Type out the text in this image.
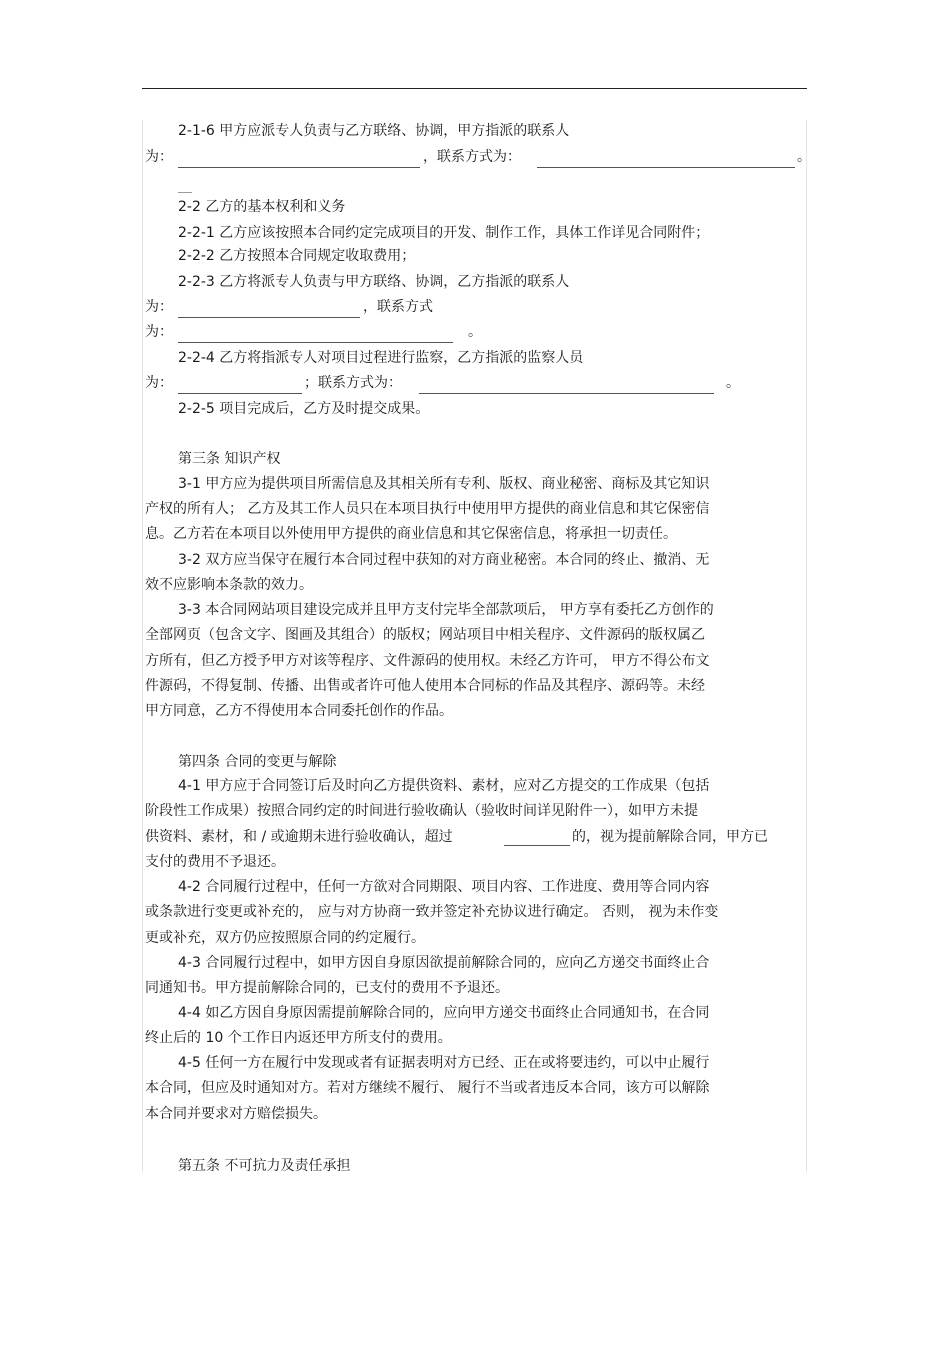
2-1-6 甲方应派专人负责与乙方联络、协调，甲方指派的联系人
为：	，联系方式为：	。
2-2 乙方的基本权利和义务
2-2-1 乙方应该按照本合同约定完成项目的开发、制作工作，具体工作详见合同附件；
2-2-2 乙方按照本合同规定收取费用；
2-2-3 乙方将派专人负责与甲方联络、协调，乙方指派的联系人
为：	，联系方式
为：	。
2-2-4 乙方将指派专人对项目过程进行监察，乙方指派的监察人员
为：	；联系方式为：	。
2-2-5 项目完成后，乙方及时提交成果。
第三条 知识产权
3-1 甲方应为提供项目所需信息及其相关所有专利、版权、商业秘密、商标及其它知识
产权的所有人； 乙方及其工作人员只在本项目执行中使用甲方提供的商业信息和其它保密信
息。乙方若在本项目以外使用甲方提供的商业信息和其它保密信息，将承担一切责任。
3-2 双方应当保守在履行本合同过程中获知的对方商业秘密。本合同的终止、撤消、无
效不应影响本条款的效力。
3-3 本合同网站项目建设完成并且甲方支付完毕全部款项后， 甲方享有委托乙方创作的
全部网页（包含文字、图画及其组合）的版权；网站项目中相关程序、文件源码的版权属乙
方所有，但乙方授予甲方对该等程序、文件源码的使用权。未经乙方许可， 甲方不得公布文
件源码，不得复制、传播、出售或者许可他人使用本合同标的作品及其程序、源码等。未经
甲方同意，乙方不得使用本合同委托创作的作品。
第四条 合同的变更与解除
4-1 甲方应于合同签订后及时向乙方提供资料、素材，应对乙方提交的工作成果（包括
阶段性工作成果）按照合同约定的时间进行验收确认（验收时间详见附件一），如甲方未提
供资料、素材，和 / 或逾期未进行验收确认，超过	的，视为提前解除合同，甲方已
支付的费用不予退还。
4-2 合同履行过程中，任何一方欲对合同期限、项目内容、工作进度、费用等合同内容
或条款进行变更或补充的， 应与对方协商一致并签定补充协议进行确定。 否则， 视为未作变
更或补充，双方仍应按照原合同的约定履行。
4-3 合同履行过程中，如甲方因自身原因欲提前解除合同的，应向乙方递交书面终止合
同通知书。甲方提前解除合同的，已支付的费用不予退还。
4-4 如乙方因自身原因需提前解除合同的，应向甲方递交书面终止合同通知书，在合同
终止后的 10 个工作日内返还甲方所支付的费用。
4-5 任何一方在履行中发现或者有证据表明对方已经、正在或将要违约，可以中止履行
本合同，但应及时通知对方。若对方继续不履行、 履行不当或者违反本合同，该方可以解除
本合同并要求对方赔偿损失。
第五条 不可抗力及责任承担
